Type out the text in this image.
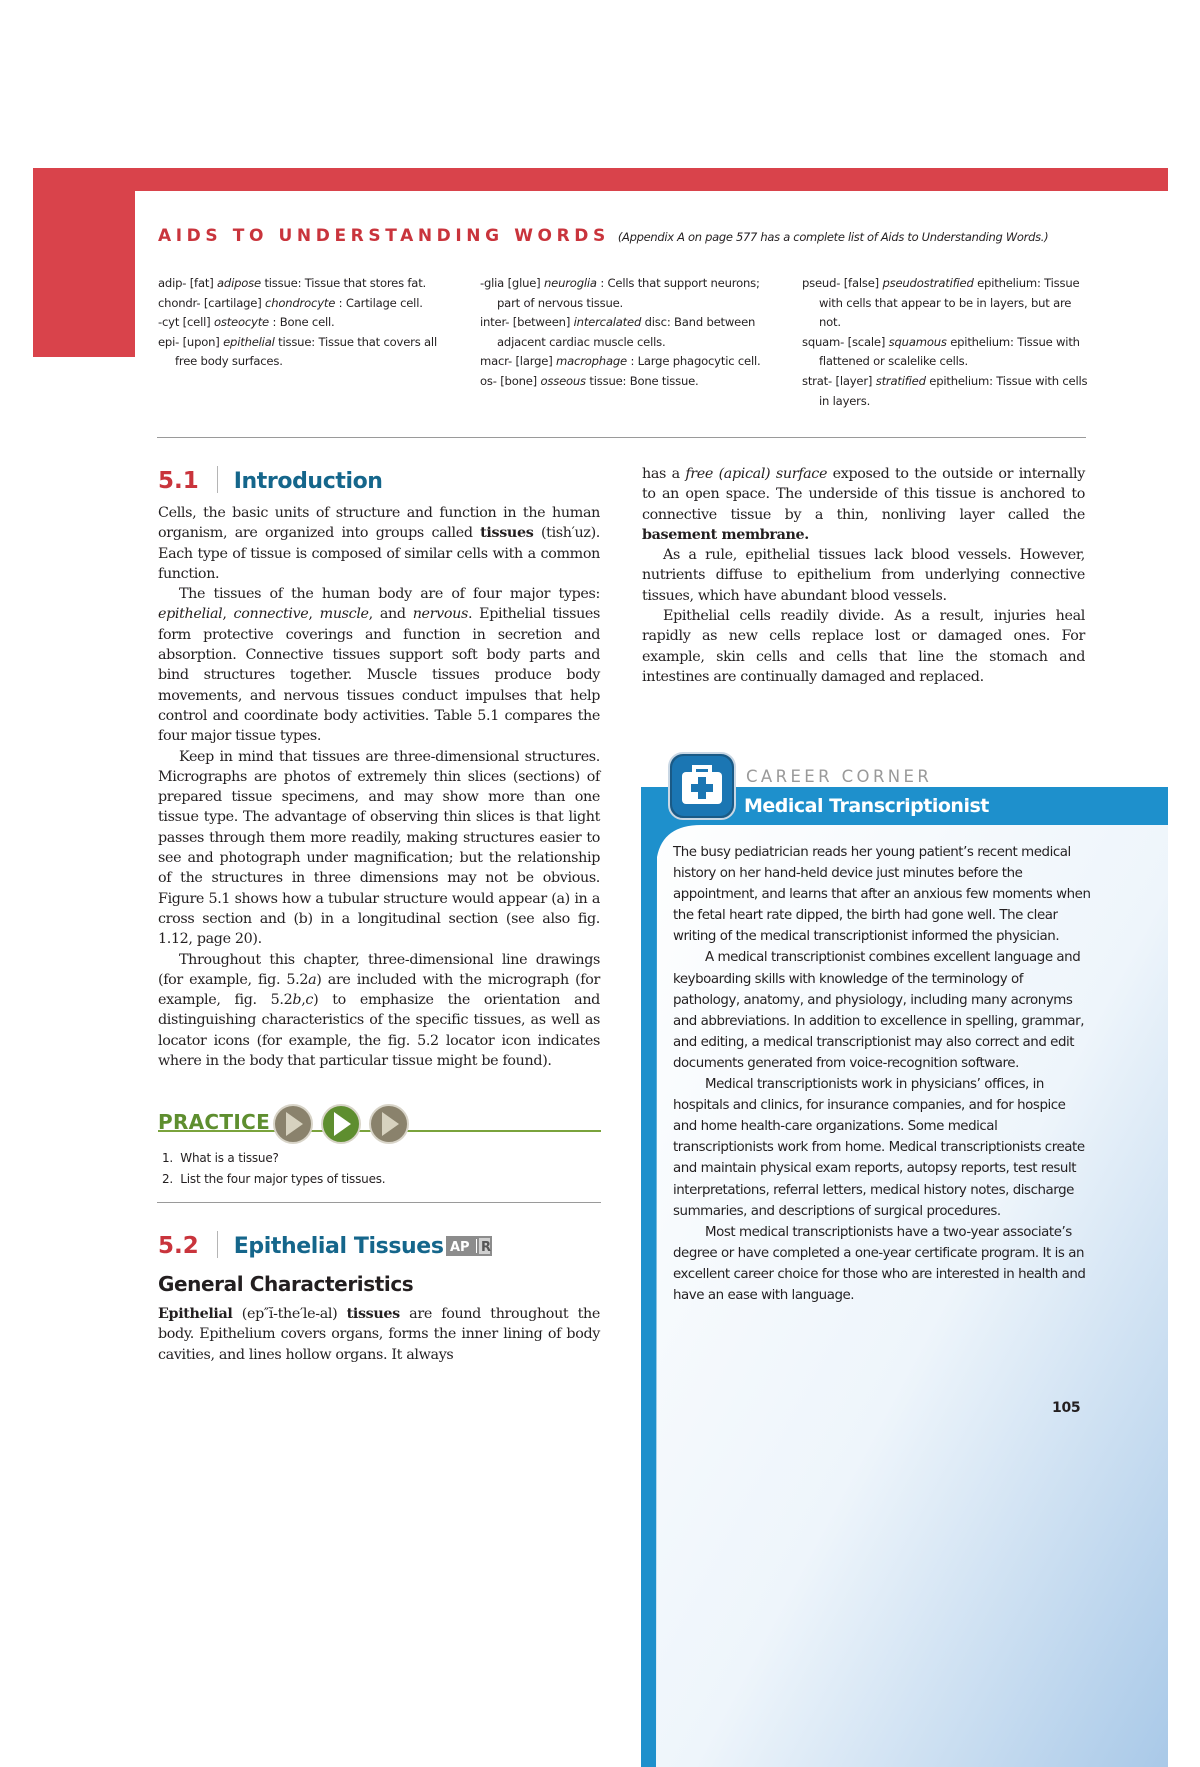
AIDS TO UNDERSTANDING WORDS (Appendix A on page 577 has a complete list of Aids to Understanding Words.)
adip- [fat] adipose tissue: Tissue that stores fat.
chondr- [cartilage] chondrocyte : Cartilage cell.
-cyt [cell] osteocyte : Bone cell.
epi- [upon] epithelial tissue: Tissue that covers all free body surfaces.
-glia [glue] neuroglia : Cells that support neurons; part of nervous tissue.
inter- [between] intercalated disc: Band between adjacent cardiac muscle cells.
macr- [large] macrophage : Large phagocytic cell.
os- [bone] osseous tissue: Bone tissue.
pseud- [false] pseudostratified epithelium: Tissue with cells that appear to be in layers, but are not.
squam- [scale] squamous epithelium: Tissue with flattened or scalelike cells.
strat- [layer] stratified epithelium: Tissue with cells in layers.
5.1 Introduction

Cells, the basic units of structure and function in the human organism, are organized into groups called tissues (tish′uz). Each type of tissue is composed of similar cells with a common function.

The tissues of the human body are of four major types: epithelial, connective, muscle, and nervous. Epithelial tissues form protective coverings and function in secretion and absorption. Connective tissues support soft body parts and bind structures together. Muscle tissues produce body movements, and nervous tissues conduct impulses that help control and coordinate body activities. Table 5.1 compares the four major tissue types.

Keep in mind that tissues are three-dimensional structures. Micrographs are photos of extremely thin slices (sections) of prepared tissue specimens, and may show more than one tissue type. The advantage of observing thin slices is that light passes through them more readily, making structures easier to see and photograph under magnification; but the relationship of the structures in three dimensions may not be obvious. Figure 5.1 shows how a tubular structure would appear (a) in a cross section and (b) in a longitudinal section (see also fig. 1.12, page 20).

Throughout this chapter, three-dimensional line drawings (for example, fig. 5.2a) are included with the micrograph (for example, fig. 5.2b,c) to emphasize the orientation and distinguishing characteristics of the specific tissues, as well as locator icons (for example, the fig. 5.2 locator icon indicates where in the body that particular tissue might be found).

PRACTICE
1.  What is a tissue?
2.  List the four major types of tissues.
5.2 Epithelial Tissues AP R
General Characteristics

Epithelial (ep″ĭ-the′le-al) tissues are found throughout the body. Epithelium covers organs, forms the inner lining of body cavities, and lines hollow organs. It always

has a free (apical) surface exposed to the outside or internally to an open space. The underside of this tissue is anchored to connective tissue by a thin, nonliving layer called the basement membrane.

As a rule, epithelial tissues lack blood vessels. However, nutrients diffuse to epithelium from underlying connective tissues, which have abundant blood vessels.

Epithelial cells readily divide. As a result, injuries heal rapidly as new cells replace lost or damaged ones. For example, skin cells and cells that line the stomach and intestines are continually damaged and replaced.

CAREER CORNER
Medical Transcriptionist

The busy pediatrician reads her young patient’s recent medical history on her hand-held device just minutes before the appointment, and learns that after an anxious few moments when the fetal heart rate dipped, the birth had gone well. The clear writing of the medical transcriptionist informed the physician.

A medical transcriptionist combines excellent language and keyboarding skills with knowledge of the terminology of pathology, anatomy, and physiology, including many acronyms and abbreviations. In addition to excellence in spelling, grammar, and editing, a medical transcriptionist may also correct and edit documents generated from voice-recognition software.

Medical transcriptionists work in physicians’ offices, in hospitals and clinics, for insurance companies, and for hospice and home health-care organizations. Some medical transcriptionists work from home. Medical transcriptionists create and maintain physical exam reports, autopsy reports, test result interpretations, referral letters, medical history notes, discharge summaries, and descriptions of surgical procedures.

Most medical transcriptionists have a two-year associate’s degree or have completed a one-year certificate program. It is an excellent career choice for those who are interested in health and have an ease with language.

105
